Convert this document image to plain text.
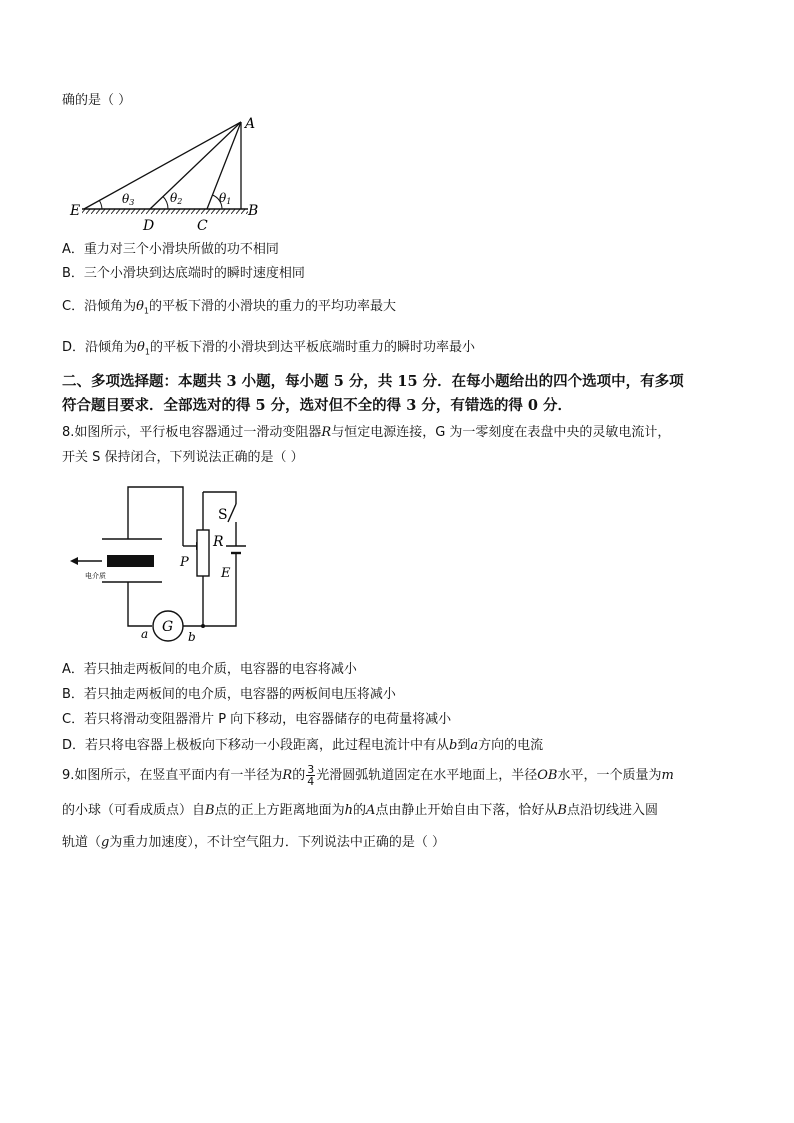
确的是（ ）
A
B
C
D
E
θ1
θ2
θ3
A．重力对三个小滑块所做的功不相同
B．三个小滑块到达底端时的瞬时速度相同
C．沿倾角为$\theta_1$的平板下滑的小滑块的重力的平均功率最大
D．沿倾角为$\theta_1$的平板下滑的小滑块到达平板底端时重力的瞬时功率最小
二、多项选择题：本题共 3 小题，每小题 5 分，共 15 分．在每小题给出的四个选项中，有多项
符合题目要求．全部选对的得 5 分，选对但不全的得 3 分，有错选的得 0 分．
8.如图所示，平行板电容器通过一滑动变阻器R与恒定电源连接，G 为一零刻度在表盘中央的灵敏电流计，
开关 S 保持闭合，下列说法正确的是（ ）
电介质
G
a	b
R
P
S
E
A．若只抽走两板间的电介质，电容器的电容将减小
B．若只抽走两板间的电介质，电容器的两板间电压将减小
C．若只将滑动变阻器滑片 P 向下移动，电容器储存的电荷量将减小
D．若只将电容器上极板向下移动一小段距离，此过程电流计中有从b到a方向的电流
9.如图所示，在竖直平面内有一半径为R的 $\frac{3}{4}$ 光滑圆弧轨道固定在水平地面上，半径OB水平，一个质量为m
的小球（可看成质点）自B点的正上方距离地面为h的A点由静止开始自由下落，恰好从B点沿切线进入圆
轨道（g为重力加速度），不计空气阻力．下列说法中正确的是（ ）
